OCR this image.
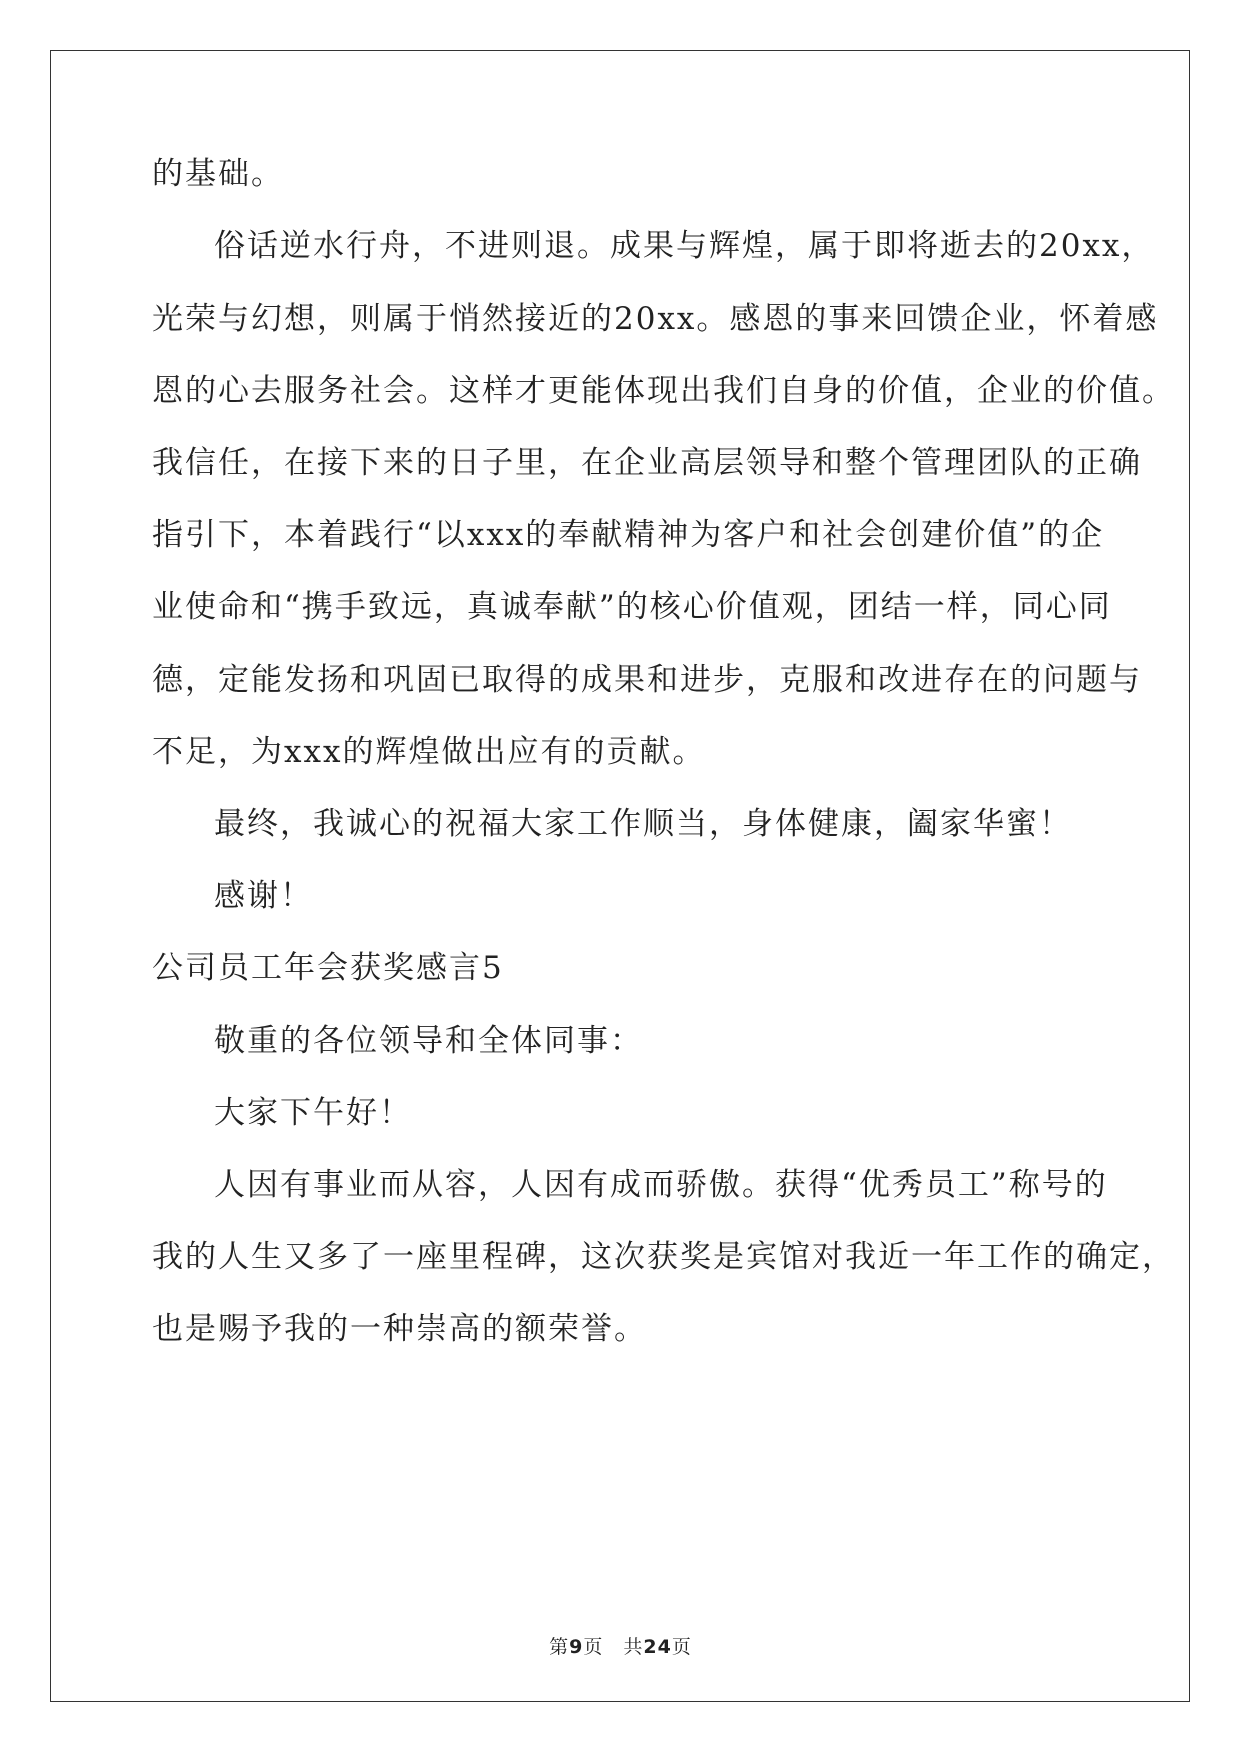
的基础。
俗话逆水行舟，不进则退。成果与辉煌，属于即将逝去的20xx，
光荣与幻想，则属于悄然接近的20xx。感恩的事来回馈企业，怀着感
恩的心去服务社会。这样才更能体现出我们自身的价值，企业的价值。
我信任，在接下来的日子里，在企业高层领导和整个管理团队的正确
指引下，本着践行“以xxx的奉献精神为客户和社会创建价值”的企
业使命和“携手致远，真诚奉献”的核心价值观，团结一样，同心同
德，定能发扬和巩固已取得的成果和进步，克服和改进存在的问题与
不足，为xxx的辉煌做出应有的贡献。
最终，我诚心的祝福大家工作顺当，身体健康，阖家华蜜！
感谢！
公司员工年会获奖感言5
敬重的各位领导和全体同事：
大家下午好！
人因有事业而从容，人因有成而骄傲。获得“优秀员工”称号的
我的人生又多了一座里程碑，这次获奖是宾馆对我近一年工作的确定，
也是赐予我的一种崇高的额荣誉。
第9页 共24页
